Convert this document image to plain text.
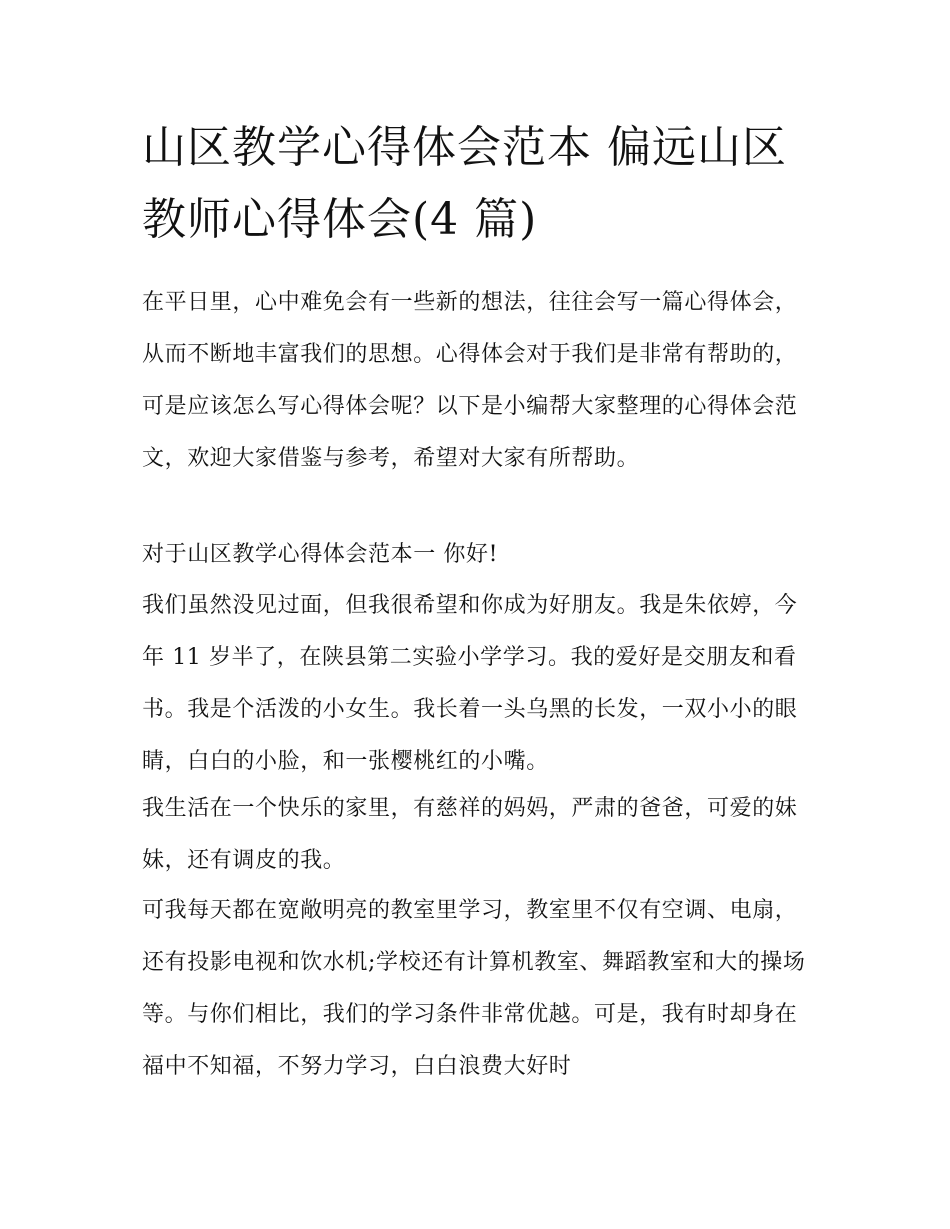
山区教学心得体会范本 偏远山区教师心得体会(4 篇)

在平日里，心中难免会有一些新的想法，往往会写一篇心得体会，从而不断地丰富我们的思想。心得体会对于我们是非常有帮助的，可是应该怎么写心得体会呢？以下是小编帮大家整理的心得体会范文，欢迎大家借鉴与参考，希望对大家有所帮助。

对于山区教学心得体会范本一 你好!

我们虽然没见过面，但我很希望和你成为好朋友。我是朱依婷，今年 11 岁半了，在陕县第二实验小学学习。我的爱好是交朋友和看书。我是个活泼的小女生。我长着一头乌黑的长发，一双小小的眼睛，白白的小脸，和一张樱桃红的小嘴。

我生活在一个快乐的家里，有慈祥的妈妈，严肃的爸爸，可爱的妹妹，还有调皮的我。

可我每天都在宽敞明亮的教室里学习，教室里不仅有空调、电扇，还有投影电视和饮水机;学校还有计算机教室、舞蹈教室和大的操场等。与你们相比，我们的学习条件非常优越。可是，我有时却身在福中不知福，不努力学习，白白浪费大好时
